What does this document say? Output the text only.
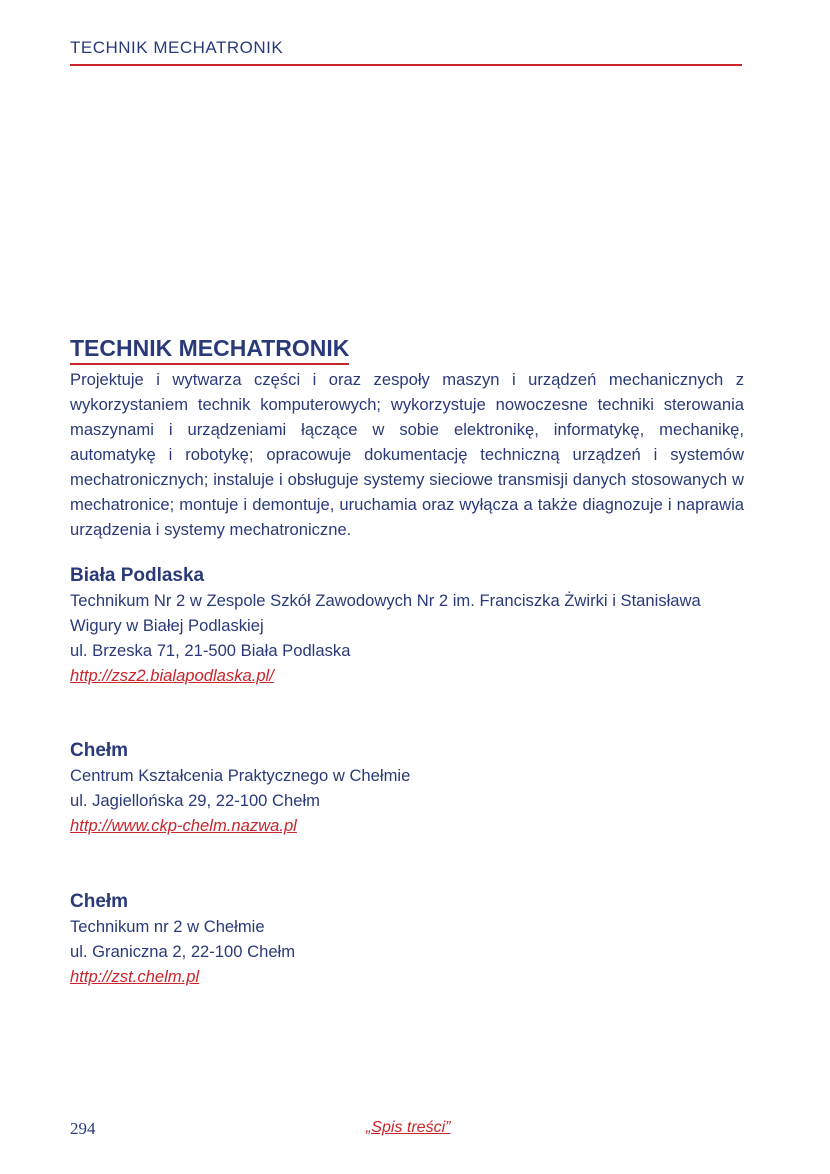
TECHNIK MECHATRONIK
TECHNIK MECHATRONIK

Projektuje i wytwarza części i oraz zespoły maszyn i urządzeń mechanicznych z wykorzystaniem technik komputerowych; wykorzystuje nowoczesne techniki sterowania maszynami i urządzeniami łączące w sobie elektronikę, informatykę, mechanikę, automatykę i robotykę; opracowuje dokumentację techniczną urządzeń i systemów mechatronicznych; instaluje i obsługuje systemy sieciowe transmisji danych stosowanych w mechatronice; montuje i demontuje, uruchamia oraz wyłącza a także diagnozuje i naprawia urządzenia i systemy mechatroniczne.

Biała Podlaska

Technikum Nr 2 w Zespole Szkół Zawodowych Nr 2 im. Franciszka Żwirki i Stanisława Wigury w Białej Podlaskiej

ul. Brzeska 71, 21-500 Biała Podlaska

http://zsz2.bialapodlaska.pl/

Chełm

Centrum Kształcenia Praktycznego w Chełmie

ul. Jagiellońska 29, 22-100 Chełm

http://www.ckp-chelm.nazwa.pl

Chełm

Technikum nr 2 w Chełmie

ul. Graniczna 2, 22-100 Chełm

http://zst.chelm.pl
294	„Spis treści”
